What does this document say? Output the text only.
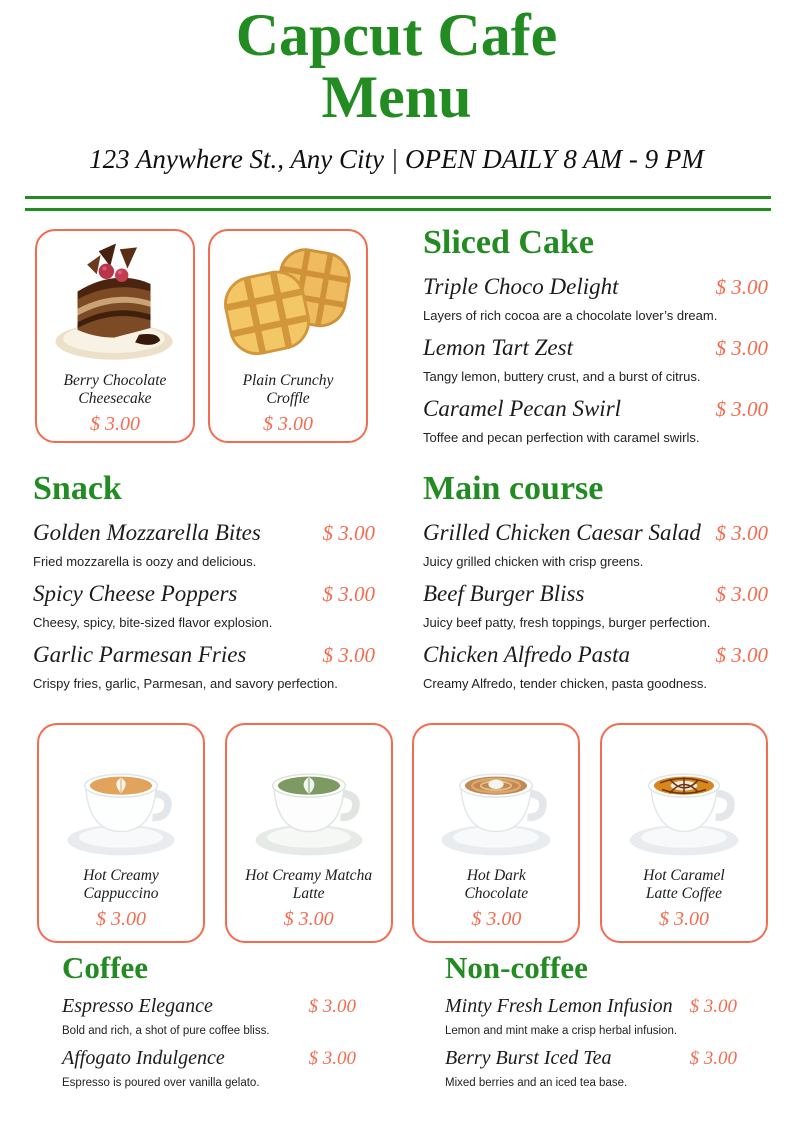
Capcut Cafe
Menu
123 Anywhere St., Any City | OPEN DAILY 8 AM - 9 PM
Berry Chocolate
Cheesecake
$ 3.00
Plain Crunchy
Croffle
$ 3.00
Sliced Cake
Triple Choco Delight	$ 3.00
Layers of rich cocoa are a chocolate lover’s dream.
Lemon Tart Zest	$ 3.00
Tangy lemon, buttery crust, and a burst of citrus.
Caramel Pecan Swirl	$ 3.00
Toffee and pecan perfection with caramel swirls.
Snack
Golden Mozzarella Bites	$ 3.00
Fried mozzarella is oozy and delicious.
Spicy Cheese Poppers	$ 3.00
Cheesy, spicy, bite-sized flavor explosion.
Garlic Parmesan Fries	$ 3.00
Crispy fries, garlic, Parmesan, and savory perfection.
Main course
Grilled Chicken Caesar Salad $ 3.00
Juicy grilled chicken with crisp greens.
Beef Burger Bliss	$ 3.00
Juicy beef patty, fresh toppings, burger perfection.
Chicken Alfredo Pasta	$ 3.00
Creamy Alfredo, tender chicken, pasta goodness.
Hot Creamy
Cappuccino
$ 3.00
Hot Creamy Matcha
Latte
$ 3.00
Hot Dark
Chocolate
$ 3.00
Hot Caramel
Latte Coffee
$ 3.00
Coffee
Espresso Elegance	$ 3.00
Bold and rich, a shot of pure coffee bliss.
Affogato Indulgence	$ 3.00
Espresso is poured over vanilla gelato.
Non-coffee
Minty Fresh Lemon Infusion $ 3.00
Lemon and mint make a crisp herbal infusion.
Berry Burst Iced Tea	$ 3.00
Mixed berries and an iced tea base.
